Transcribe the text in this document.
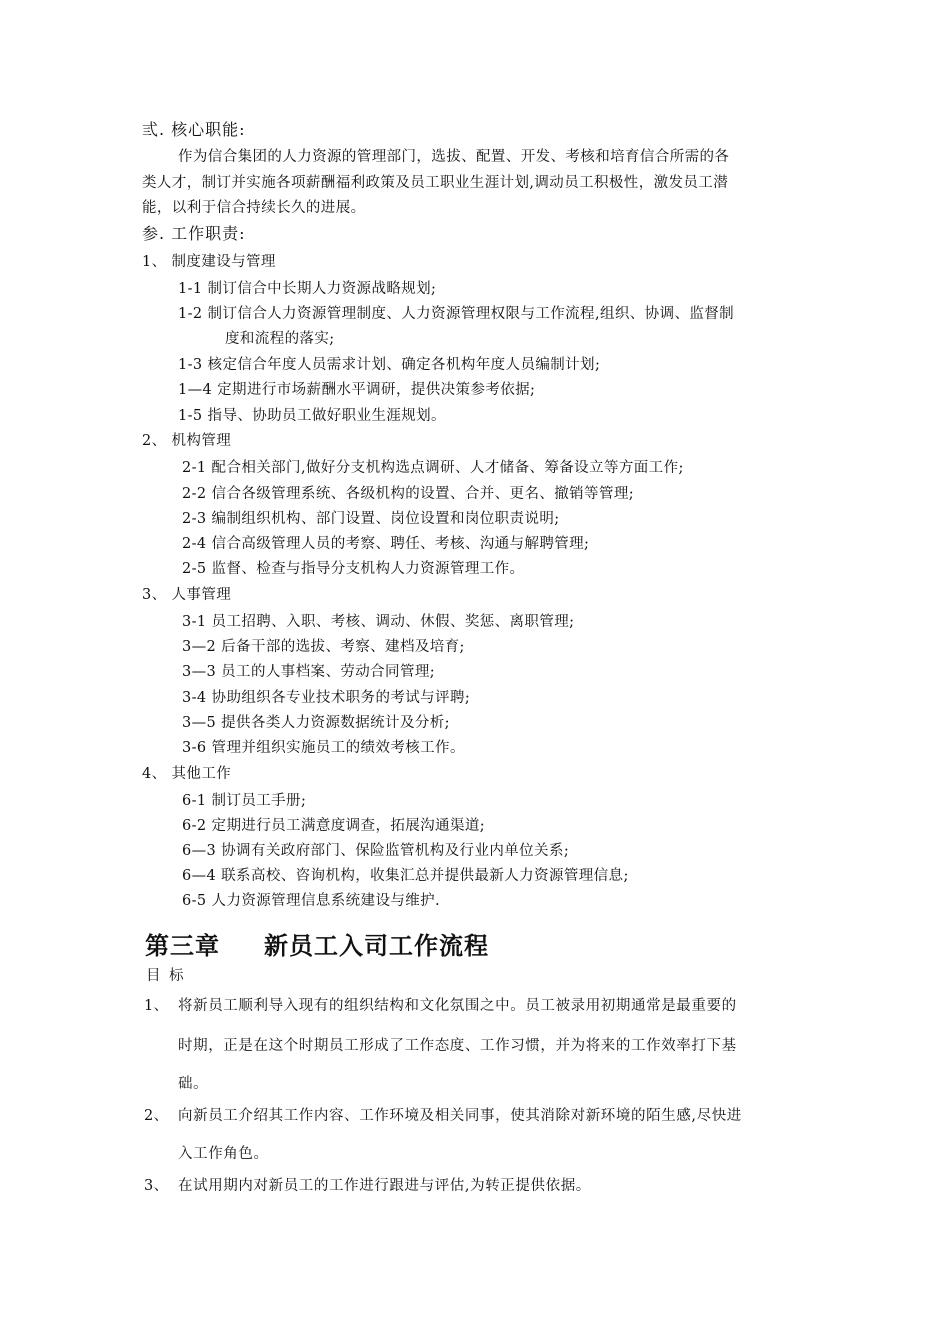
弎. 核心职能:
作为信合集团的人力资源的管理部门，选拔、配置、开发、考核和培育信合所需的各
类人才，制订并实施各项薪酬福利政策及员工职业生涯计划,调动员工积极性，激发员工潜
能，以利于信合持续长久的进展。
参. 工作职责:
1、 制度建设与管理
1-1 制订信合中长期人力资源战略规划;
1-2 制订信合人力资源管理制度、人力资源管理权限与工作流程,组织、协调、监督制
度和流程的落实;
1-3 核定信合年度人员需求计划、确定各机构年度人员编制计划;
1—4 定期进行市场薪酬水平调研，提供决策参考依据;
1-5 指导、协助员工做好职业生涯规划。
2、 机构管理
2-1 配合相关部门,做好分支机构选点调研、人才储备、筹备设立等方面工作;
2-2 信合各级管理系统、各级机构的设置、合并、更名、撤销等管理;
2-3 编制组织机构、部门设置、岗位设置和岗位职责说明;
2-4 信合高级管理人员的考察、聘任、考核、沟通与解聘管理;
2-5 监督、检查与指导分支机构人力资源管理工作。
3、 人事管理
3-1 员工招聘、入职、考核、调动、休假、奖惩、离职管理;
3—2 后备干部的选拔、考察、建档及培育;
3—3 员工的人事档案、劳动合同管理;
3-4 协助组织各专业技术职务的考试与评聘;
3—5 提供各类人力资源数据统计及分析;
3-6 管理并组织实施员工的绩效考核工作。
4、 其他工作
6-1 制订员工手册;
6-2 定期进行员工满意度调查，拓展沟通渠道;
6—3 协调有关政府部门、保险监管机构及行业内单位关系;
6—4 联系高校、咨询机构，收集汇总并提供最新人力资源管理信息;
6-5 人力资源管理信息系统建设与维护.
第三章 新员工入司工作流程
目 标
1、 将新员工顺利导入现有的组织结构和文化氛围之中。员工被录用初期通常是最重要的
时期，正是在这个时期员工形成了工作态度、工作习惯，并为将来的工作效率打下基
础。
2、 向新员工介绍其工作内容、工作环境及相关同事，使其消除对新环境的陌生感,尽快进
入工作角色。
3、 在试用期内对新员工的工作进行跟进与评估,为转正提供依据。
